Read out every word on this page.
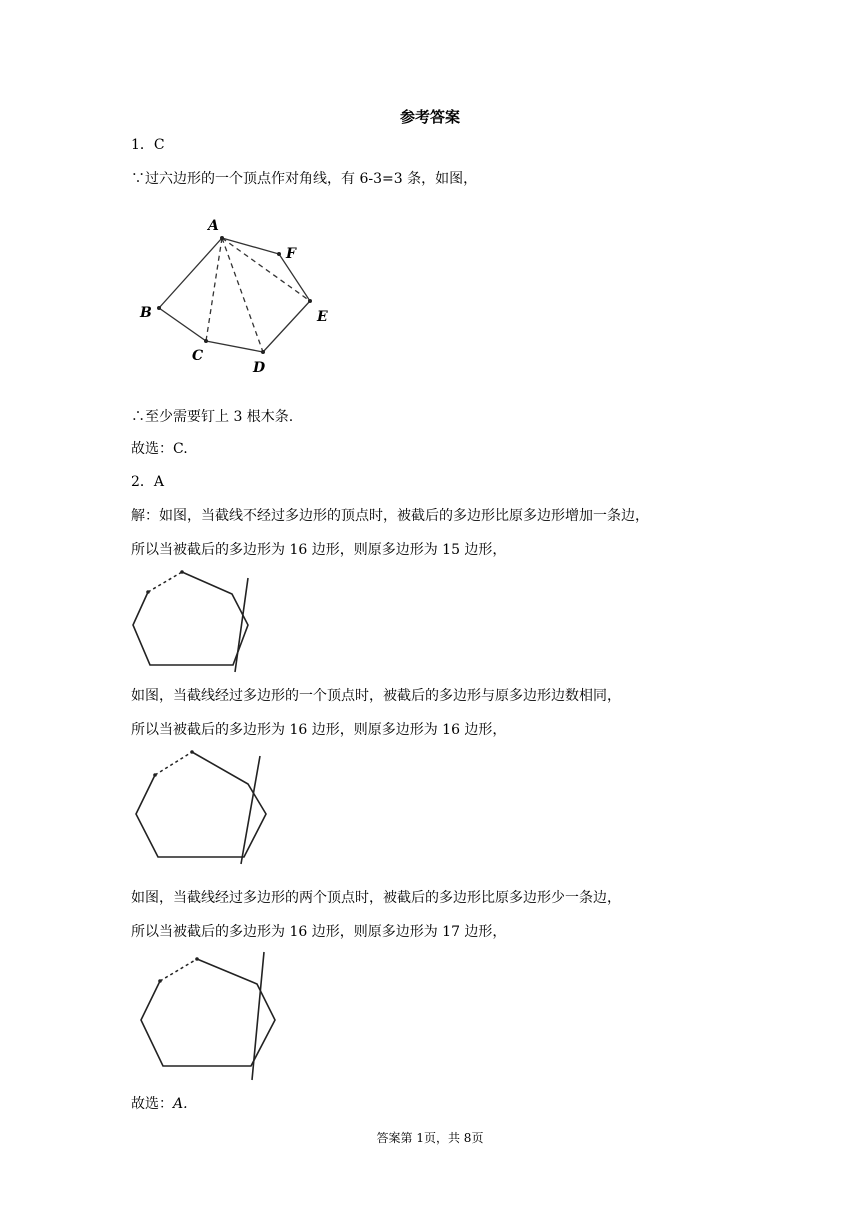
参考答案
1．C
∵过六边形的一个顶点作对角线，有 6-3=3 条，如图，
A
F
E
D
C
B
∴至少需要钉上 3 根木条.
故选：C.
2．A
解：如图，当截线不经过多边形的顶点时，被截后的多边形比原多边形增加一条边，
所以当被截后的多边形为 16 边形，则原多边形为 15 边形，
如图，当截线经过多边形的一个顶点时，被截后的多边形与原多边形边数相同，
所以当被截后的多边形为 16 边形，则原多边形为 16 边形，
如图，当截线经过多边形的两个顶点时，被截后的多边形比原多边形少一条边，
所以当被截后的多边形为 16 边形，则原多边形为 17 边形，
故选：A.
答案第 1页，共 8页
